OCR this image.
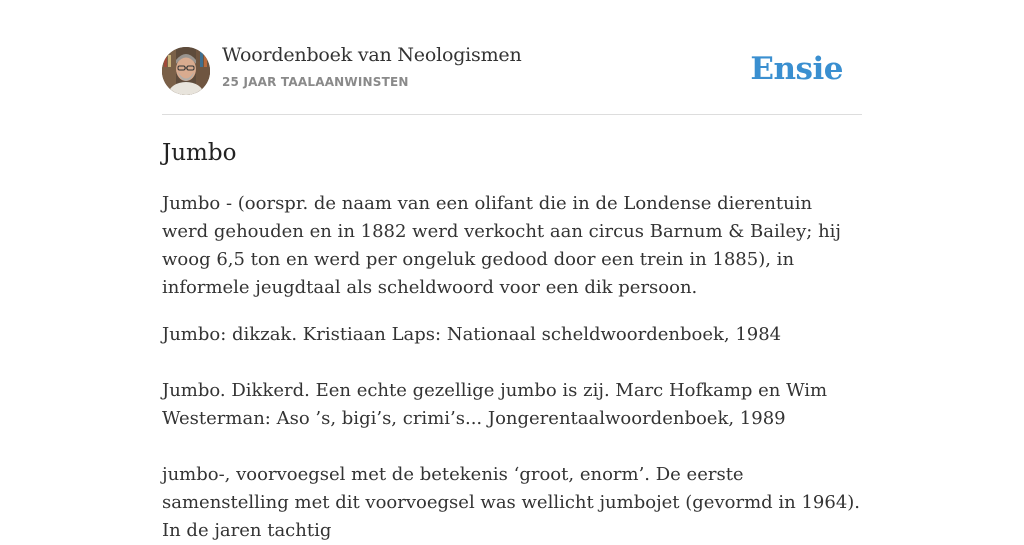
Woordenboek van Neologismen
25 JAAR TAALAANWINSTEN	Ensie
Jumbo

Jumbo - (oorspr. de naam van een olifant die in de Londense dierentuin werd gehouden en in 1882 werd verkocht aan circus Barnum & Bailey; hij woog 6,5 ton en werd per ongeluk gedood door een trein in 1885), in informele jeugdtaal als scheldwoord voor een dik persoon.

Jumbo: dikzak. Kristiaan Laps: Nationaal scheldwoordenboek, 1984

Jumbo. Dikkerd. Een echte gezellige jumbo is zij. Marc Hofkamp en Wim Westerman: Aso ’s, bigi’s, crimi’s... Jongerentaalwoordenboek, 1989

jumbo-, voorvoegsel met de betekenis ‘groot, enorm’. De eerste samenstelling met dit voorvoegsel was wellicht jumbojet (gevormd in 1964). In de jaren tachtig
